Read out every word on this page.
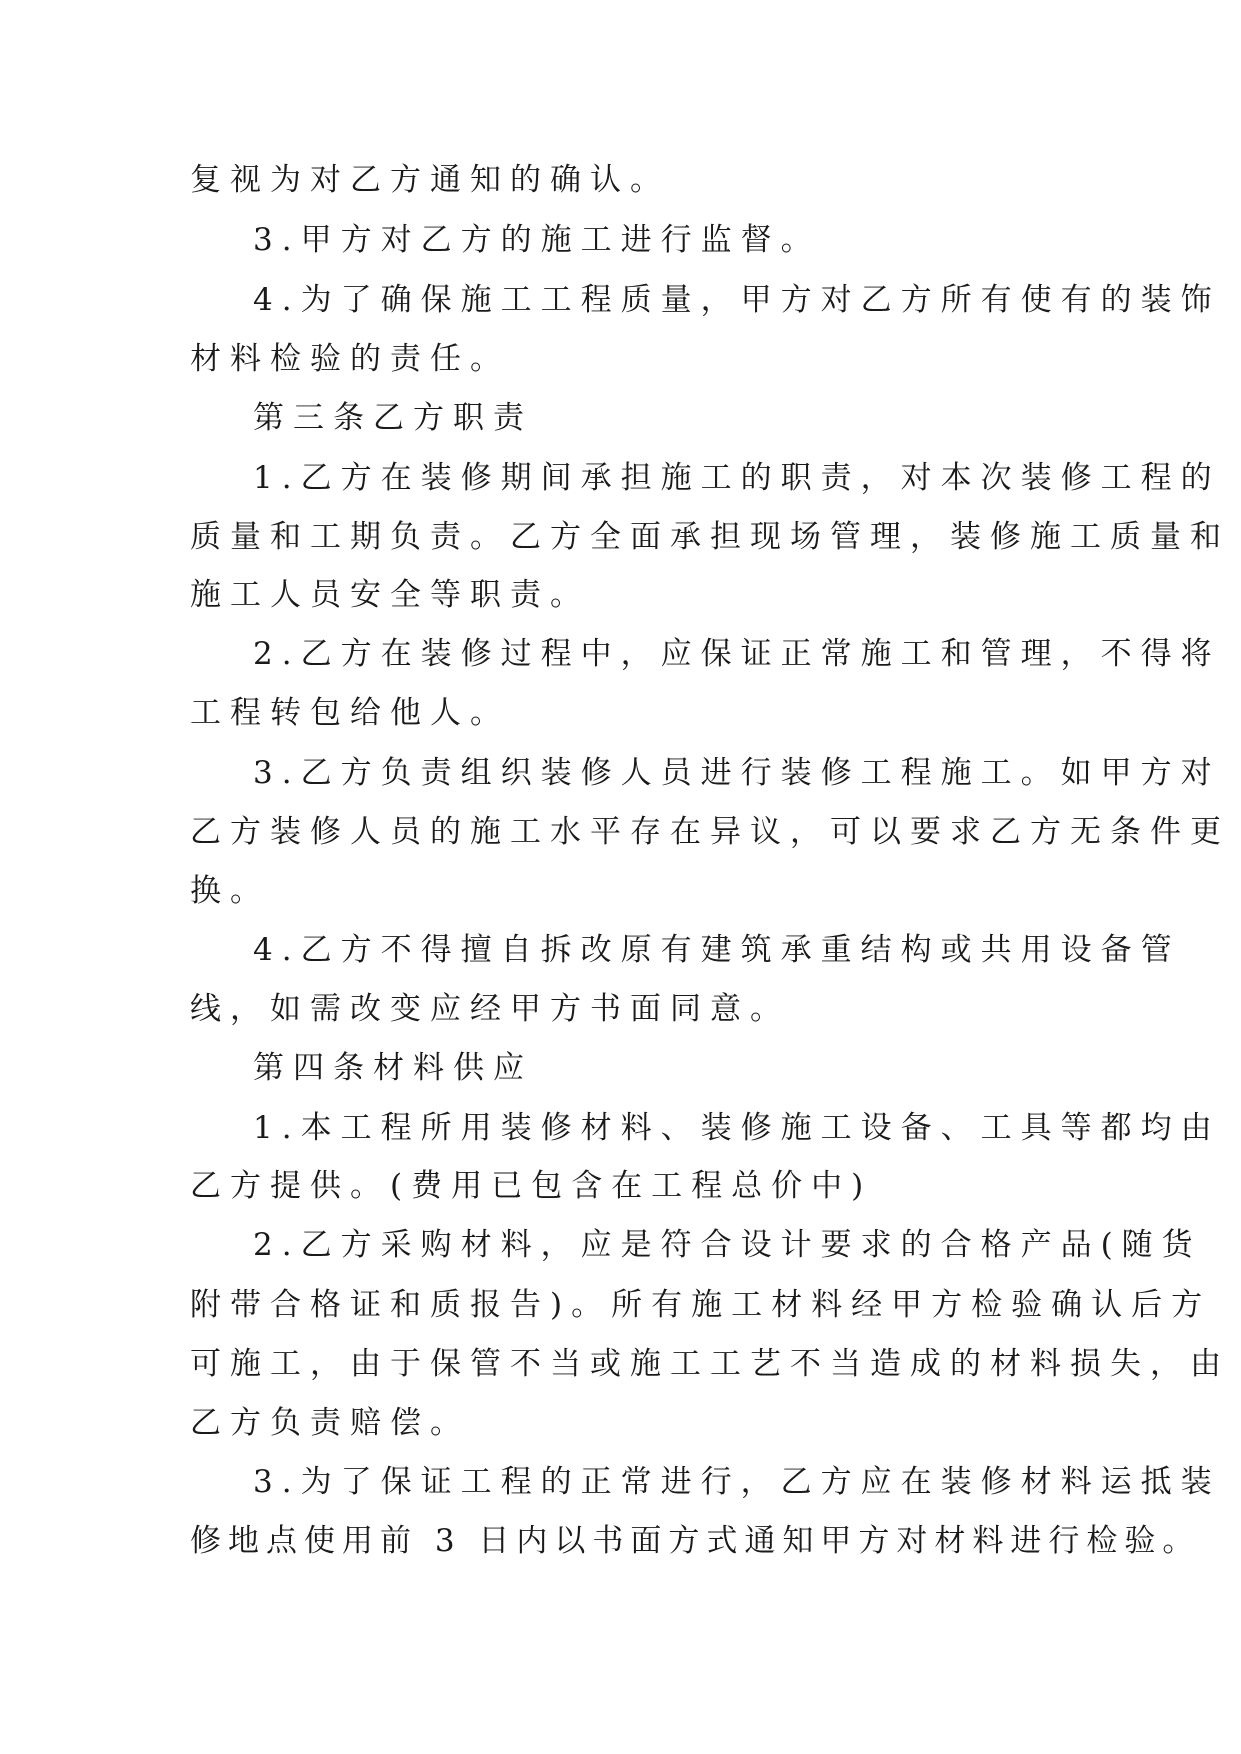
复视为对乙方通知的确认。

3.甲方对乙方的施工进行监督。

4.为了确保施工工程质量，甲方对乙方所有使有的装饰

材料检验的责任。

第三条乙方职责

1.乙方在装修期间承担施工的职责，对本次装修工程的

质量和工期负责。乙方全面承担现场管理，装修施工质量和

施工人员安全等职责。

2.乙方在装修过程中，应保证正常施工和管理，不得将

工程转包给他人。

3.乙方负责组织装修人员进行装修工程施工。如甲方对

乙方装修人员的施工水平存在异议，可以要求乙方无条件更

换。

4.乙方不得擅自拆改原有建筑承重结构或共用设备管

线，如需改变应经甲方书面同意。

第四条材料供应

1.本工程所用装修材料、装修施工设备、工具等都均由

乙方提供。(费用已包含在工程总价中)

2.乙方采购材料，应是符合设计要求的合格产品(随货

附带合格证和质报告)。所有施工材料经甲方检验确认后方

可施工，由于保管不当或施工工艺不当造成的材料损失，由

乙方负责赔偿。

3.为了保证工程的正常进行，乙方应在装修材料运抵装

修地点使用前 3 日内以书面方式通知甲方对材料进行检验。
